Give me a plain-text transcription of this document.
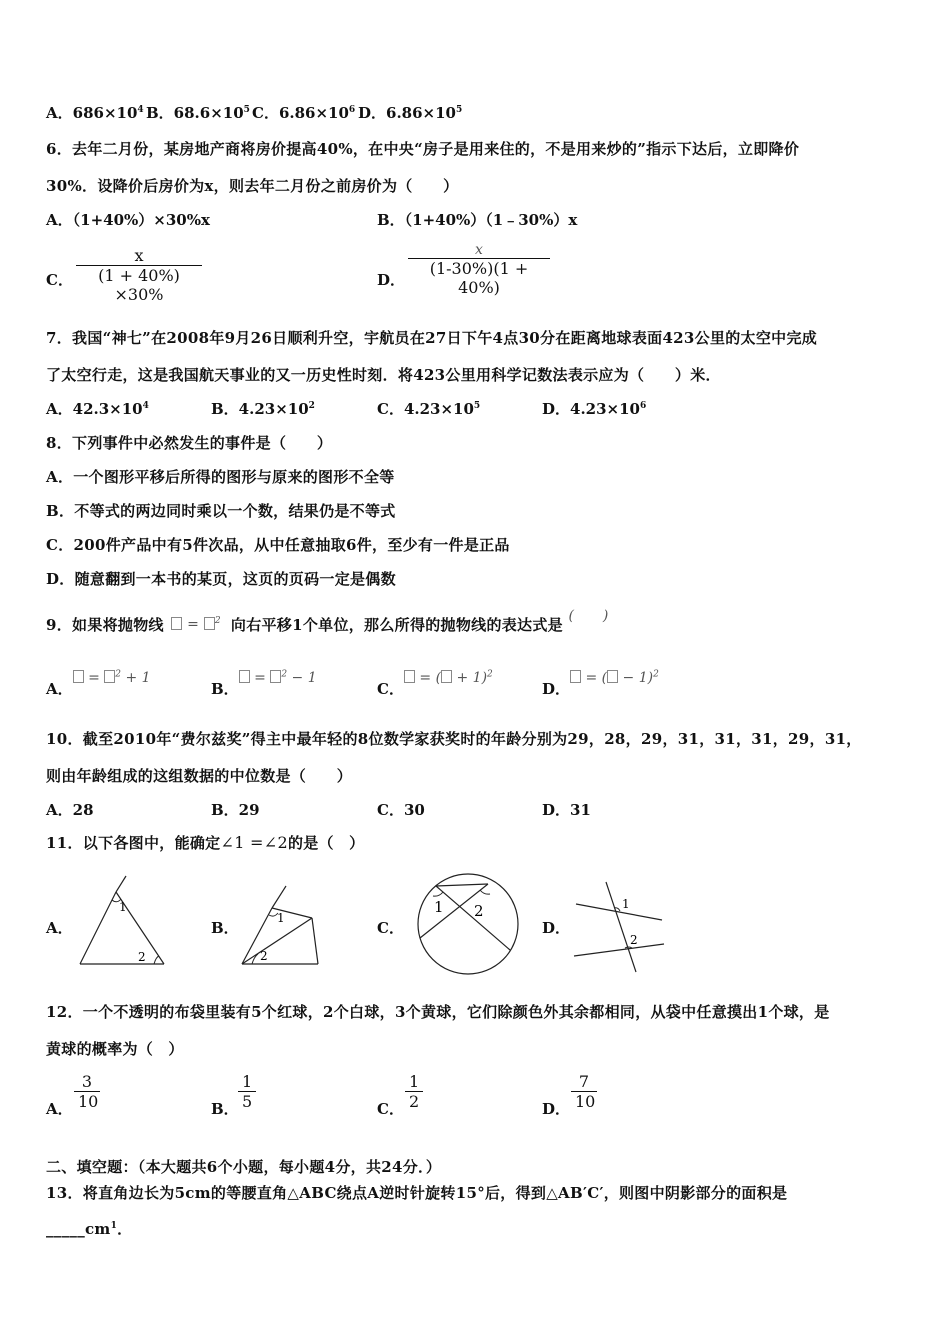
A．$686\times 10^4$ B．$68.6\times 10^5$ C．$6.86\times 10^6$ D．$6.86\times 10^5$
6．去年二月份，某房地产商将房价提高40%，在中央“房子是用来住的，不是用来炒的”指示下达后，立即降价
30%．设降价后房价为x，则去年二月份之前房价为（　　）
A．（1+40%）×30%x	B．（1+40%）（1﹣30%）x
C．
x
(1 + 40%) ×30%
D．
x
(1-30%)(1 + 40%)
7．我国“神七”在2008年9月26日顺利升空，宇航员在27日下午4点30分在距离地球表面423公里的太空中完成
了太空行走，这是我国航天事业的又一历史性时刻．将423公里用科学记数法表示应为（　　）米．
A．$42.3\times 10^4$	B．$4.23\times 10^2$	C．$4.23\times 10^5$	D．$4.23\times 10^6$
8．下列事件中必然发生的事件是（　　）
A．一个图形平移后所得的图形与原来的图形不全等
B．不等式的两边同时乘以一个数，结果仍是不等式
C．200件产品中有5件次品，从中任意抽取6件，至少有一件是正品
D．随意翻到一本书的某页，这页的页码一定是偶数
9．如果将抛物线	= $^2$ 向右平移1个单位，那么所得的抛物线的表达式是 (　　)
A． = $^2$ + 1
B． = $^2$ − 1
C． = ( + 1)$^2$
D． = ( − 1)$^2$
10．截至2010年“费尔兹奖”得主中最年轻的8位数学家获奖时的年龄分别为29，28，29，31，31，31，29，31，
则由年龄组成的这组数据的中位数是（　　）
A．28	B．29	C．30	D．31
11．以下各图中，能确定∠1 =∠2的是（　）
A．
1
2
B．
1
2
C．
1 2
D．
1
2
12．一个不透明的布袋里装有5个红球，2个白球，3个黄球，它们除颜色外其余都相同，从袋中任意摸出1个球，是
黄球的概率为（　）
A．
3
10	B．
1
5	C．
1
2	D．
7
10
二、填空题：（本大题共6个小题，每小题4分，共24分．）
13．将直角边长为5cm的等腰直角△ABC绕点A逆时针旋转15°后，得到△AB′C′，则图中阴影部分的面积是
$\_\_\_\_\_cm^1$．
